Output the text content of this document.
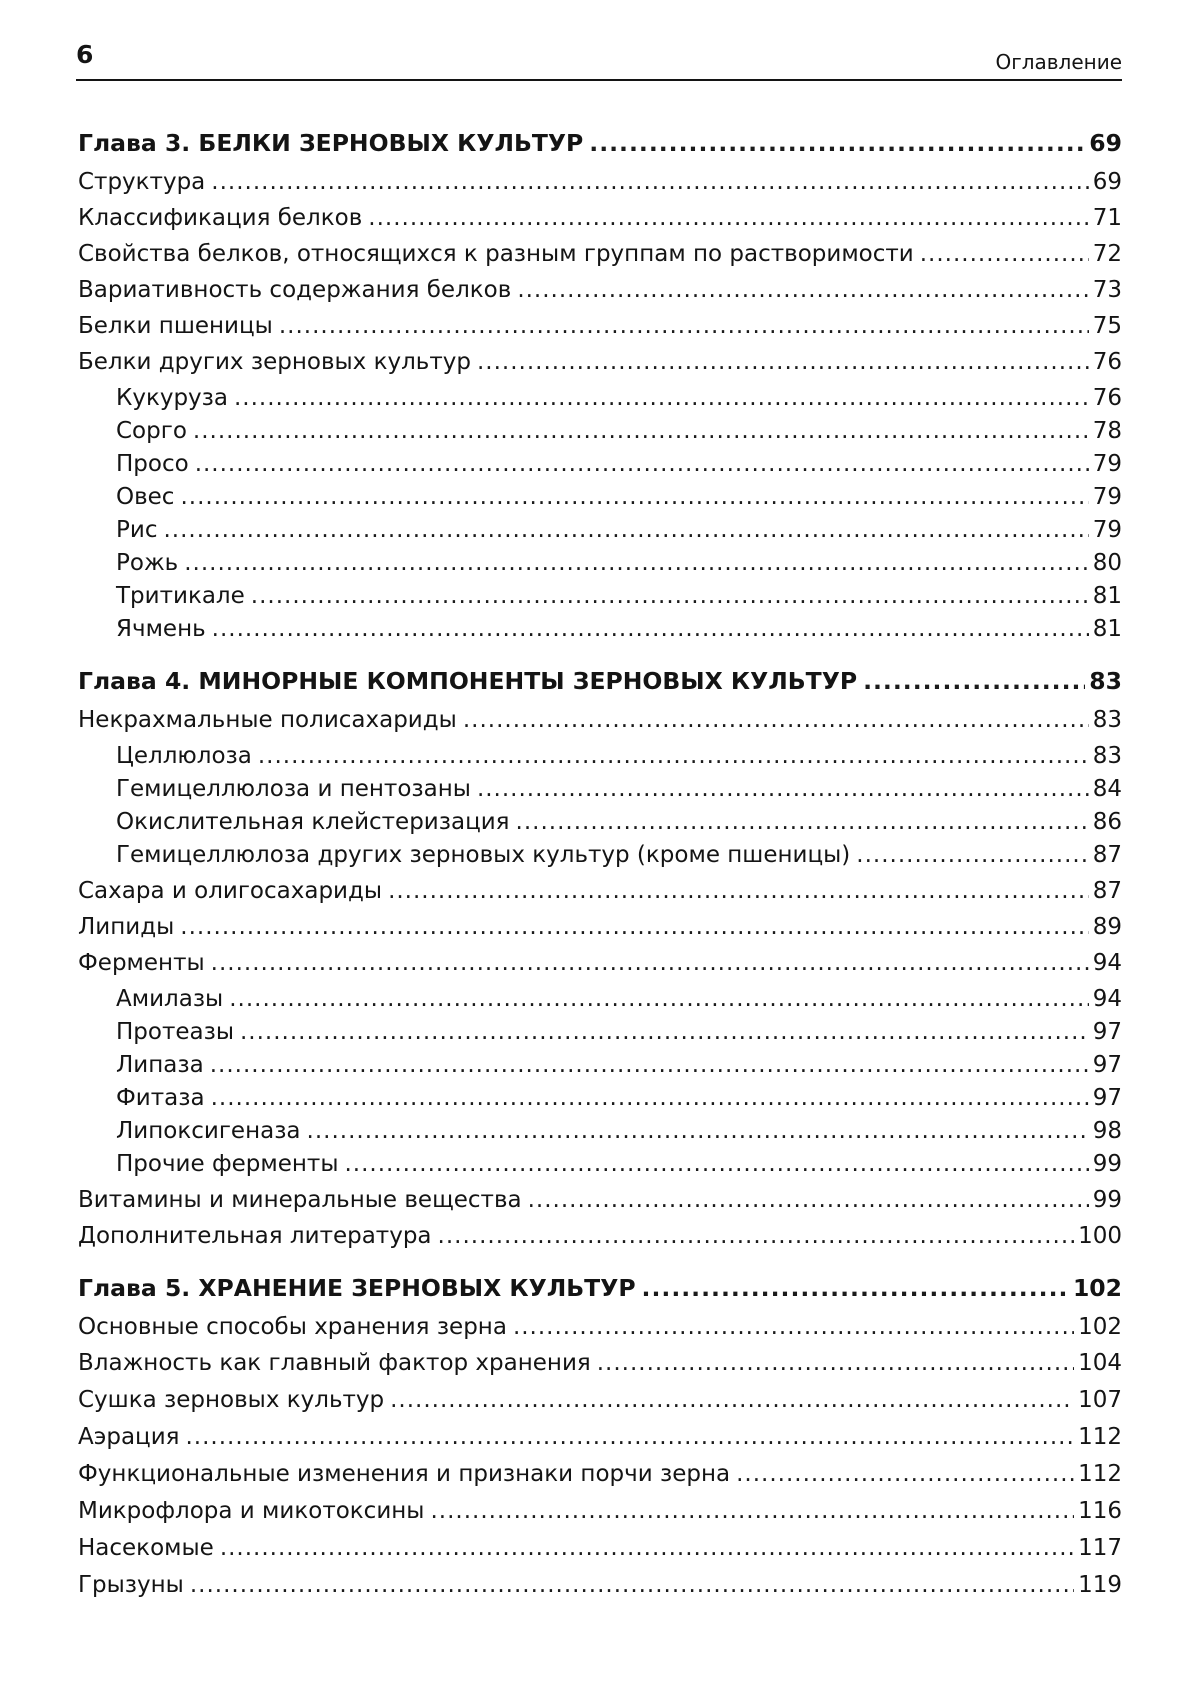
6	Оглавление
Глава 3. БЕЛКИ ЗЕРНОВЫХ КУЛЬТУР .....	69
Структура .....	69
Классификация белков .....	71
Свойства белков, относящихся к разным группам по растворимости .....	72
Вариативность содержания белков .....	73
Белки пшеницы .....	75
Белки других зерновых культур .....	76
Кукуруза .....	76
Сорго .....	78
Просо .....	79
Овес .....	79
Рис .....	79
Рожь .....	80
Тритикале .....	81
Ячмень .....	81
Глава 4. МИНОРНЫЕ КОМПОНЕНТЫ ЗЕРНОВЫХ КУЛЬТУР .....	83
Некрахмальные полисахариды .....	83
Целлюлоза .....	83
Гемицеллюлоза и пентозаны .....	84
Окислительная клейстеризация .....	86
Гемицеллюлоза других зерновых культур (кроме пшеницы) .....	87
Сахара и олигосахариды .....	87
Липиды .....	89
Ферменты .....	94
Амилазы .....	94
Протеазы .....	97
Липаза .....	97
Фитаза .....	97
Липоксигеназа .....	98
Прочие ферменты .....	99
Витамины и минеральные вещества .....	99
Дополнительная литература .....	100
Глава 5. ХРАНЕНИЕ ЗЕРНОВЫХ КУЛЬТУР .....	102
Основные способы хранения зерна .....	102
Влажность как главный фактор хранения .....	104
Сушка зерновых культур .....	107
Аэрация .....	112
Функциональные изменения и признаки порчи зерна .....	112
Микрофлора и микотоксины .....	116
Насекомые .....	117
Грызуны .....	119
